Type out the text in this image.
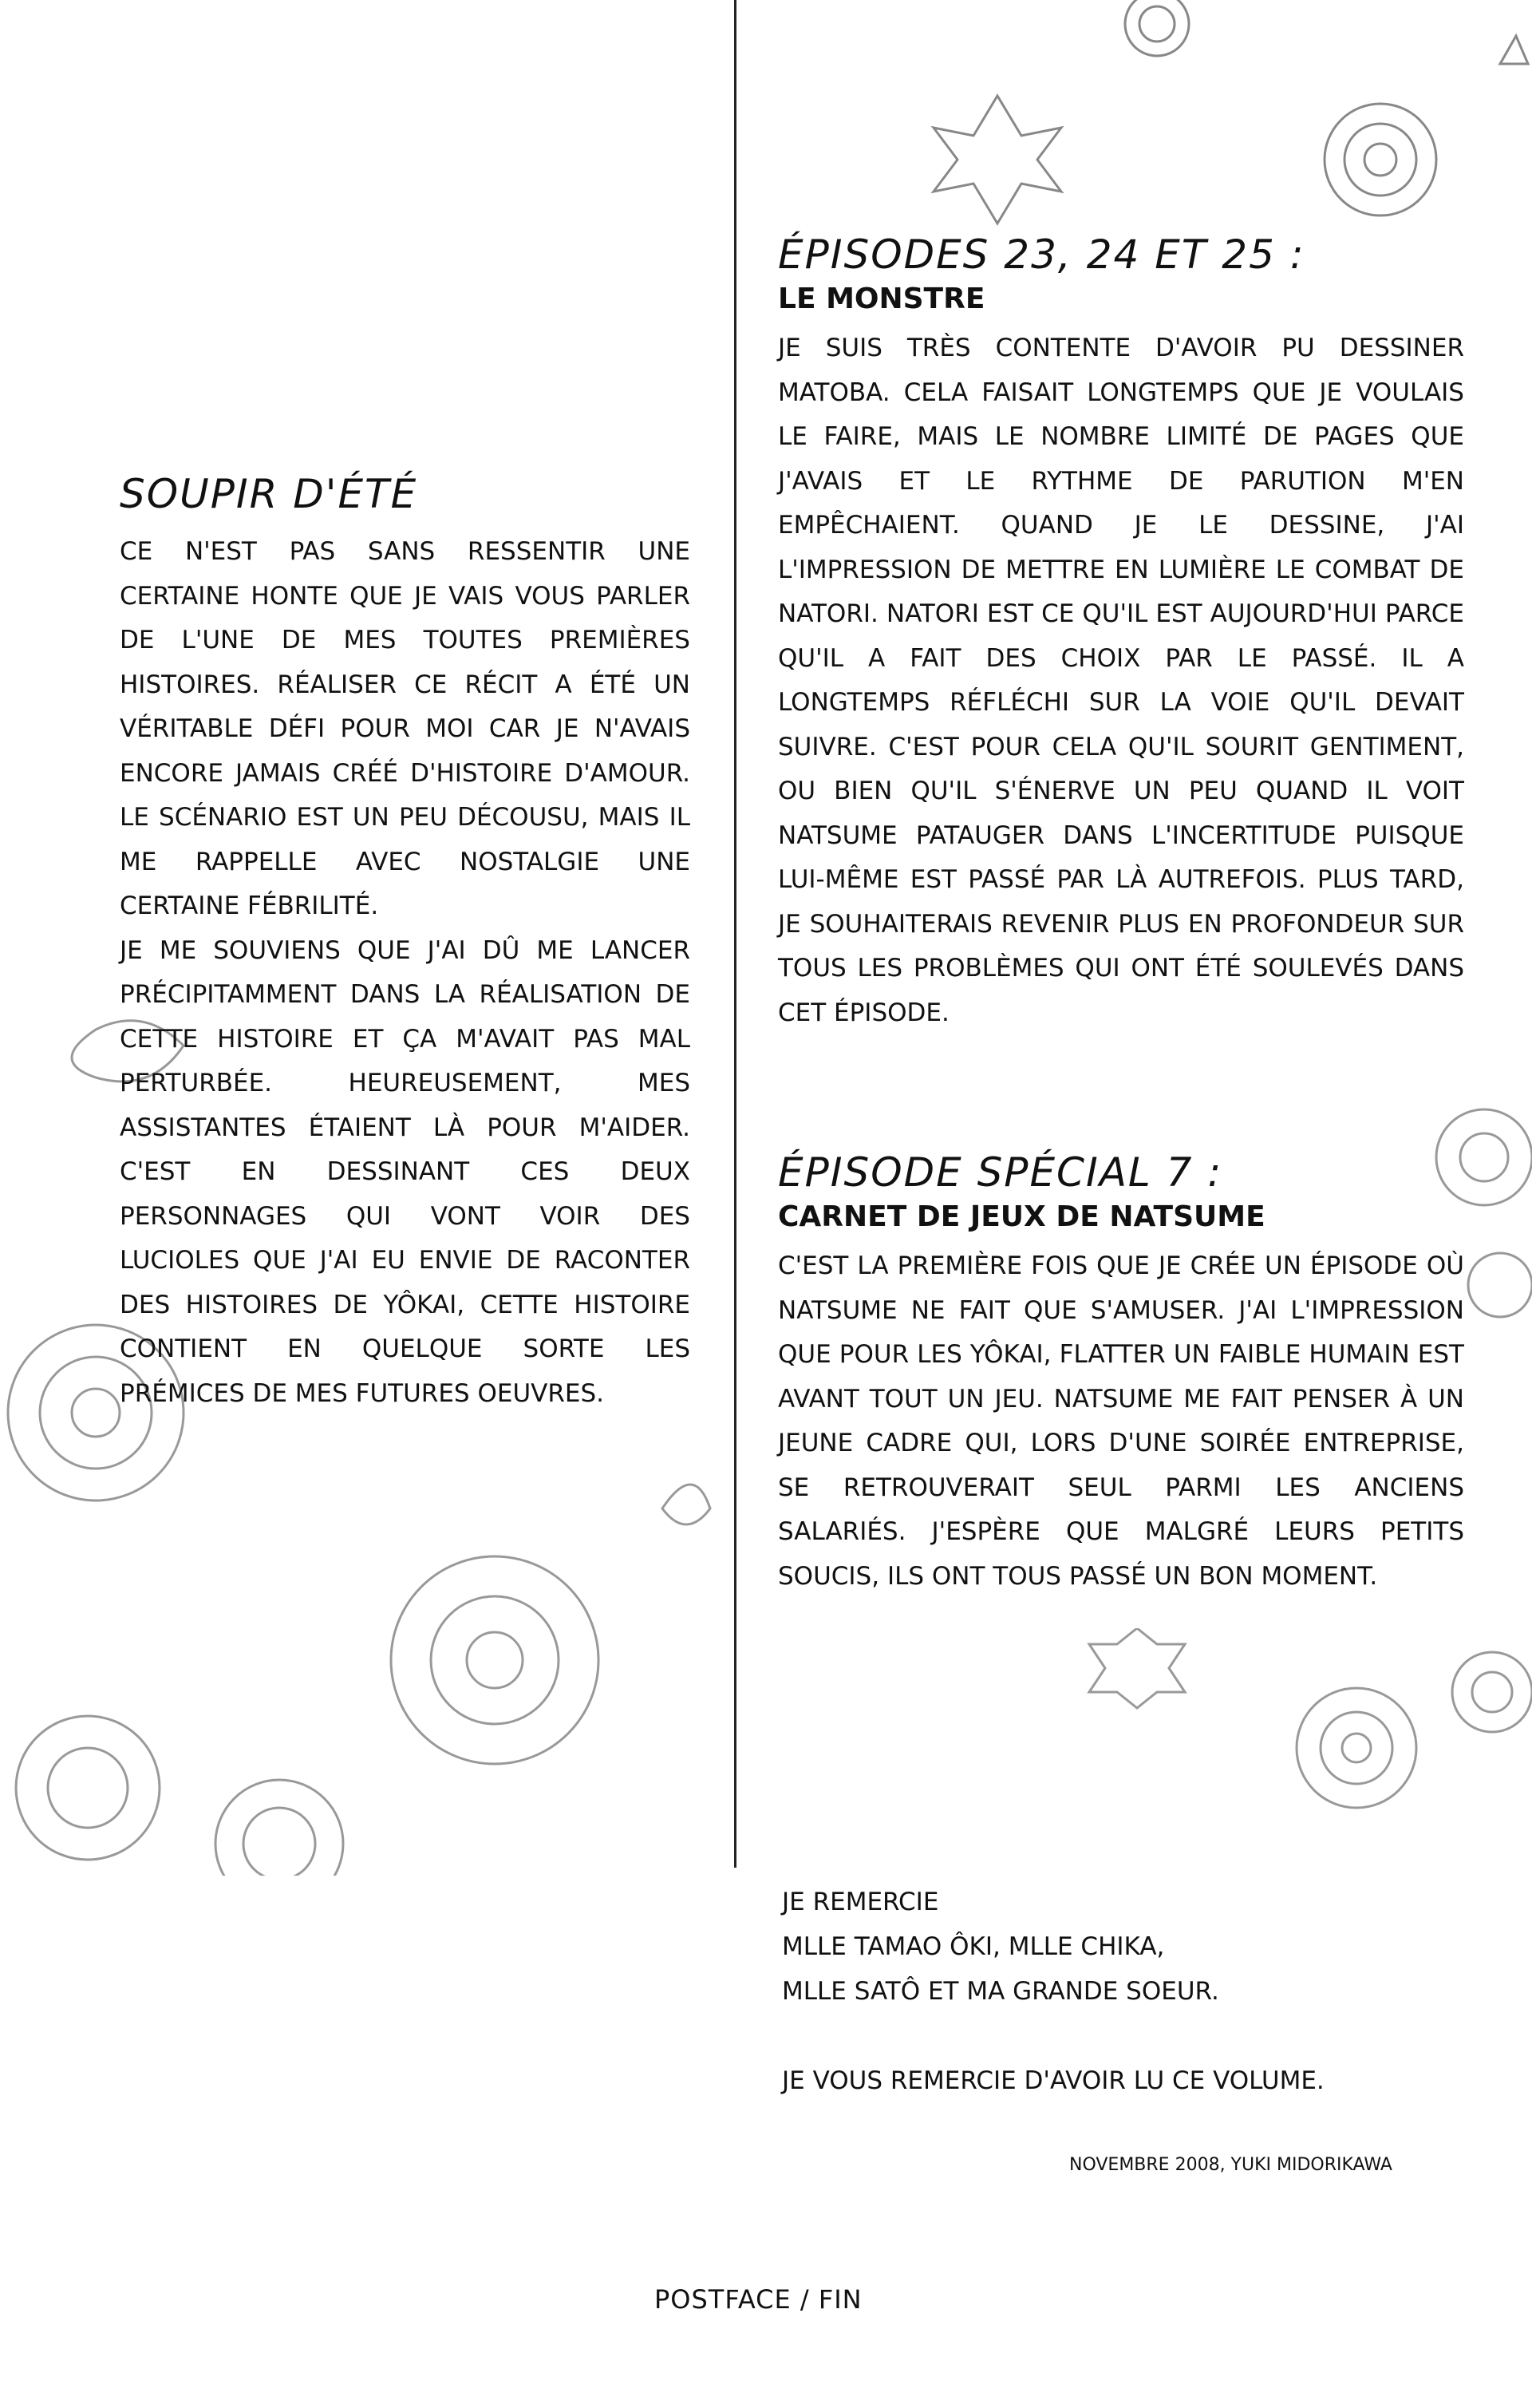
SOUPIR D'ÉTÉ

CE N'EST PAS SANS RESSENTIR UNE CERTAINE HONTE QUE JE VAIS VOUS PARLER DE L'UNE DE MES TOUTES PREMIÈRES HISTOIRES. RÉALISER CE RÉCIT A ÉTÉ UN VÉRITABLE DÉFI POUR MOI CAR JE N'AVAIS ENCORE JAMAIS CRÉÉ D'HISTOIRE D'AMOUR. LE SCÉNARIO EST UN PEU DÉCOUSU, MAIS IL ME RAPPELLE AVEC NOSTALGIE UNE CERTAINE FÉBRILITÉ.
JE ME SOUVIENS QUE J'AI DÛ ME LANCER PRÉCIPITAMMENT DANS LA RÉALISATION DE CETTE HISTOIRE ET ÇA M'AVAIT PAS MAL PERTURBÉE. HEUREUSEMENT, MES ASSISTANTES ÉTAIENT LÀ POUR M'AIDER. C'EST EN DESSINANT CES DEUX PERSONNAGES QUI VONT VOIR DES LUCIOLES QUE J'AI EU ENVIE DE RACONTER DES HISTOIRES DE YÔKAI, CETTE HISTOIRE CONTIENT EN QUELQUE SORTE LES PRÉMICES DE MES FUTURES OEUVRES.

ÉPISODES 23, 24 ET 25 :
LE MONSTRE

JE SUIS TRÈS CONTENTE D'AVOIR PU DESSINER MATOBA. CELA FAISAIT LONGTEMPS QUE JE VOULAIS LE FAIRE, MAIS LE NOMBRE LIMITÉ DE PAGES QUE J'AVAIS ET LE RYTHME DE PARUTION M'EN EMPÊCHAIENT. QUAND JE LE DESSINE, J'AI L'IMPRESSION DE METTRE EN LUMIÈRE LE COMBAT DE NATORI. NATORI EST CE QU'IL EST AUJOURD'HUI PARCE QU'IL A FAIT DES CHOIX PAR LE PASSÉ. IL A LONGTEMPS RÉFLÉCHI SUR LA VOIE QU'IL DEVAIT SUIVRE. C'EST POUR CELA QU'IL SOURIT GENTIMENT, OU BIEN QU'IL S'ÉNERVE UN PEU QUAND IL VOIT NATSUME PATAUGER DANS L'INCERTITUDE PUISQUE LUI-MÊME EST PASSÉ PAR LÀ AUTREFOIS. PLUS TARD, JE SOUHAITERAIS REVENIR PLUS EN PROFONDEUR SUR TOUS LES PROBLÈMES QUI ONT ÉTÉ SOULEVÉS DANS CET ÉPISODE.

ÉPISODE SPÉCIAL 7 :
CARNET DE JEUX DE NATSUME

C'EST LA PREMIÈRE FOIS QUE JE CRÉE UN ÉPISODE OÙ NATSUME NE FAIT QUE S'AMUSER. J'AI L'IMPRESSION QUE POUR LES YÔKAI, FLATTER UN FAIBLE HUMAIN EST AVANT TOUT UN JEU. NATSUME ME FAIT PENSER À UN JEUNE CADRE QUI, LORS D'UNE SOIRÉE ENTREPRISE, SE RETROUVERAIT SEUL PARMI LES ANCIENS SALARIÉS. J'ESPÈRE QUE MALGRÉ LEURS PETITS SOUCIS, ILS ONT TOUS PASSÉ UN BON MOMENT.

JE REMERCIE
MLLE TAMAO ÔKI, MLLE CHIKA,
MLLE SATÔ ET MA GRANDE SOEUR.
JE VOUS REMERCIE D'AVOIR LU CE VOLUME.
NOVEMBRE 2008, YUKI MIDORIKAWA
POSTFACE / FIN
